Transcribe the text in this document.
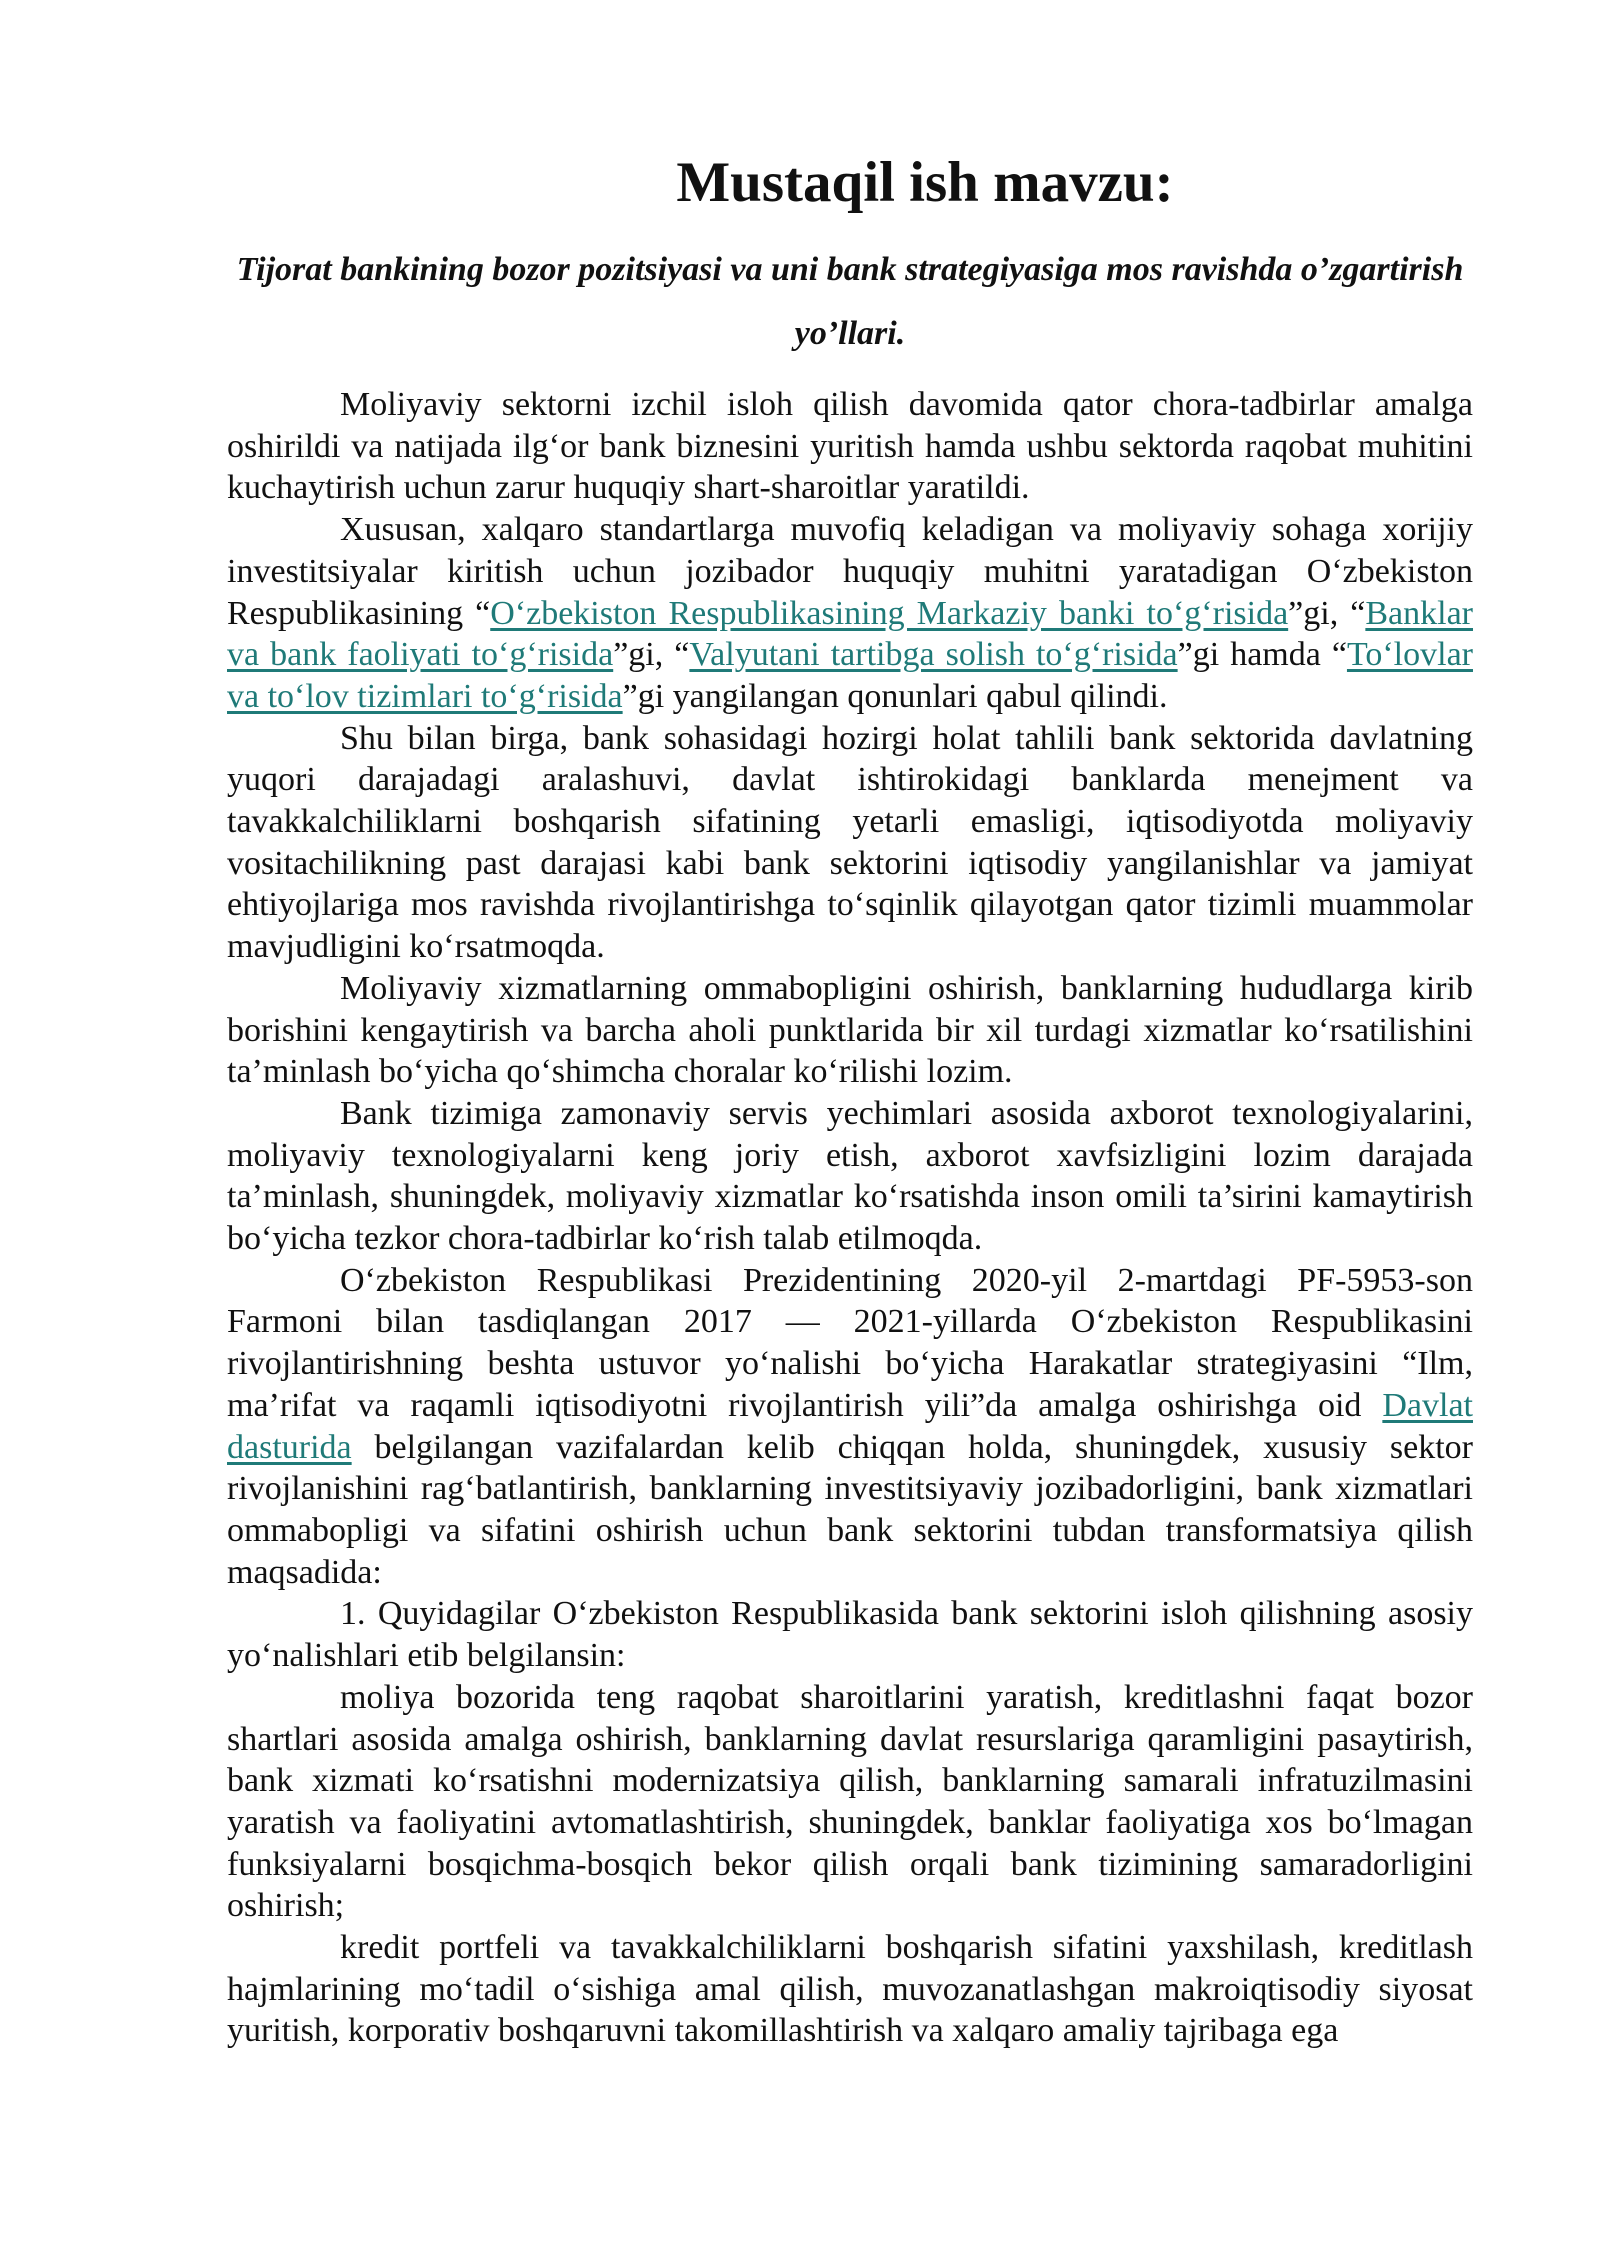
Mustaqil ish mavzu:

Tijorat bankining bozor pozitsiyasi va uni bank strategiyasiga mos ravishda o’zgartirish yo’llari.

Moliyaviy sektorni izchil isloh qilish davomida qator chora-tadbirlar amalga oshirildi va natijada ilg‘or bank biznesini yuritish hamda ushbu sektorda raqobat muhitini kuchaytirish uchun zarur huquqiy shart-sharoitlar yaratildi.

Xususan, xalqaro standartlarga muvofiq keladigan va moliyaviy sohaga xorijiy investitsiyalar kiritish uchun jozibador huquqiy muhitni yaratadigan O‘zbekiston Respublikasining “O‘zbekiston Respublikasining Markaziy banki to‘g‘risida”gi, “Banklar va bank faoliyati to‘g‘risida”gi, “Valyutani tartibga solish to‘g‘risida”gi hamda “To‘lovlar va to‘lov tizimlari to‘g‘risida”gi yangilangan qonunlari qabul qilindi.

Shu bilan birga, bank sohasidagi hozirgi holat tahlili bank sektorida davlatning yuqori darajadagi aralashuvi, davlat ishtirokidagi banklarda menejment va tavakkalchiliklarni boshqarish sifatining yetarli emasligi, iqtisodiyotda moliyaviy vositachilikning past darajasi kabi bank sektorini iqtisodiy yangilanishlar va jamiyat ehtiyojlariga mos ravishda rivojlantirishga to‘sqinlik qilayotgan qator tizimli muammolar mavjudligini ko‘rsatmoqda.

Moliyaviy xizmatlarning ommabopligini oshirish, banklarning hududlarga kirib borishini kengaytirish va barcha aholi punktlarida bir xil turdagi xizmatlar ko‘rsatilishini ta’minlash bo‘yicha qo‘shimcha choralar ko‘rilishi lozim.

Bank tizimiga zamonaviy servis yechimlari asosida axborot texnologiyalarini, moliyaviy texnologiyalarni keng joriy etish, axborot xavfsizligini lozim darajada ta’minlash, shuningdek, moliyaviy xizmatlar ko‘rsatishda inson omili ta’sirini kamaytirish bo‘yicha tezkor chora-tadbirlar ko‘rish talab etilmoqda.

O‘zbekiston Respublikasi Prezidentining 2020-yil 2-martdagi PF-5953-son Farmoni bilan tasdiqlangan 2017 — 2021-yillarda O‘zbekiston Respublikasini rivojlantirishning beshta ustuvor yo‘nalishi bo‘yicha Harakatlar strategiyasini “Ilm, ma’rifat va raqamli iqtisodiyotni rivojlantirish yili”da amalga oshirishga oid Davlat dasturida belgilangan vazifalardan kelib chiqqan holda, shuningdek, xususiy sektor rivojlanishini rag‘batlantirish, banklarning investitsiyaviy jozibadorligini, bank xizmatlari ommabopligi va sifatini oshirish uchun bank sektorini tubdan transformatsiya qilish maqsadida:

1. Quyidagilar O‘zbekiston Respublikasida bank sektorini isloh qilishning asosiy yo‘nalishlari etib belgilansin:

moliya bozorida teng raqobat sharoitlarini yaratish, kreditlashni faqat bozor shartlari asosida amalga oshirish, banklarning davlat resurslariga qaramligini pasaytirish, bank xizmati ko‘rsatishni modernizatsiya qilish, banklarning samarali infratuzilmasini yaratish va faoliyatini avtomatlashtirish, shuningdek, banklar faoliyatiga xos bo‘lmagan funksiyalarni bosqichma-bosqich bekor qilish orqali bank tizimining samaradorligini oshirish;

kredit portfeli va tavakkalchiliklarni boshqarish sifatini yaxshilash, kreditlash hajmlarining mo‘tadil o‘sishiga amal qilish, muvozanatlashgan makroiqtisodiy siyosat yuritish, korporativ boshqaruvni takomillashtirish va xalqaro amaliy tajribaga ega
